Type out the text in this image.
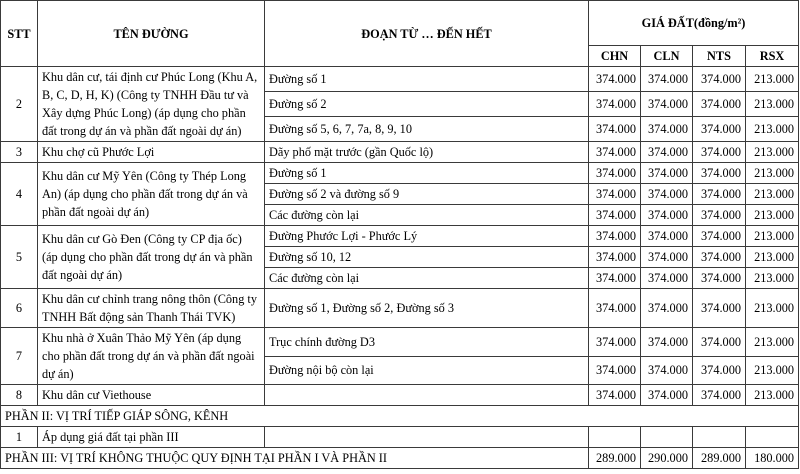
STT	TÊN ĐƯỜNG	ĐOẠN TỪ … ĐẾN HẾT	GIÁ ĐẤT(đồng/m²)			
			CHN	CLN	NTS	RSX
2	Khu dân cư, tái định cư Phúc Long (Khu A, B, C, D, H, K) (Công ty TNHH Đầu tư và Xây dựng Phúc Long) (áp dụng cho phần đất trong dự án và phần đất ngoài dự án)	Đường số 1	374.000	374.000	374.000	213.000
		Đường số 2	374.000	374.000	374.000	213.000
		Đường số 5, 6, 7, 7a, 8, 9, 10	374.000	374.000	374.000	213.000
3	Khu chợ cũ Phước Lợi	Dãy phố mặt trước (gần Quốc lộ)	374.000	374.000	374.000	213.000
4	Khu dân cư Mỹ Yên (Công ty Thép Long An) (áp dụng cho phần đất trong dự án và phần đất ngoài dự án)	Đường số 1	374.000	374.000	374.000	213.000
		Đường số 2 và đường số 9	374.000	374.000	374.000	213.000
		Các đường còn lại	374.000	374.000	374.000	213.000
5	Khu dân cư Gò Đen (Công ty CP địa ốc) (áp dụng cho phần đất trong dự án và phần đất ngoài dự án)	Đường Phước Lợi - Phước Lý	374.000	374.000	374.000	213.000
		Đường số 10, 12	374.000	374.000	374.000	213.000
		Các đường còn lại	374.000	374.000	374.000	213.000
6	Khu dân cư chỉnh trang nông thôn (Công ty TNHH Bất động sản Thanh Thái TVK)	Đường số 1, Đường số 2, Đường số 3	374.000	374.000	374.000	213.000
7	Khu nhà ở Xuân Thảo Mỹ Yên (áp dụng cho phần đất trong dự án và phần đất ngoài dự án)	Trục chính đường D3	374.000	374.000	374.000	213.000
		Đường nội bộ còn lại	374.000	374.000	374.000	213.000
8	Khu dân cư Viethouse		374.000	374.000	374.000	213.000
PHẦN II: VỊ TRÍ TIẾP GIÁP SÔNG, KÊNH						
1	Áp dụng giá đất tại phần III					
PHẦN III: VỊ TRÍ KHÔNG THUỘC QUY ĐỊNH TẠI PHẦN I VÀ PHẦN II			289.000	290.000	289.000	180.000
